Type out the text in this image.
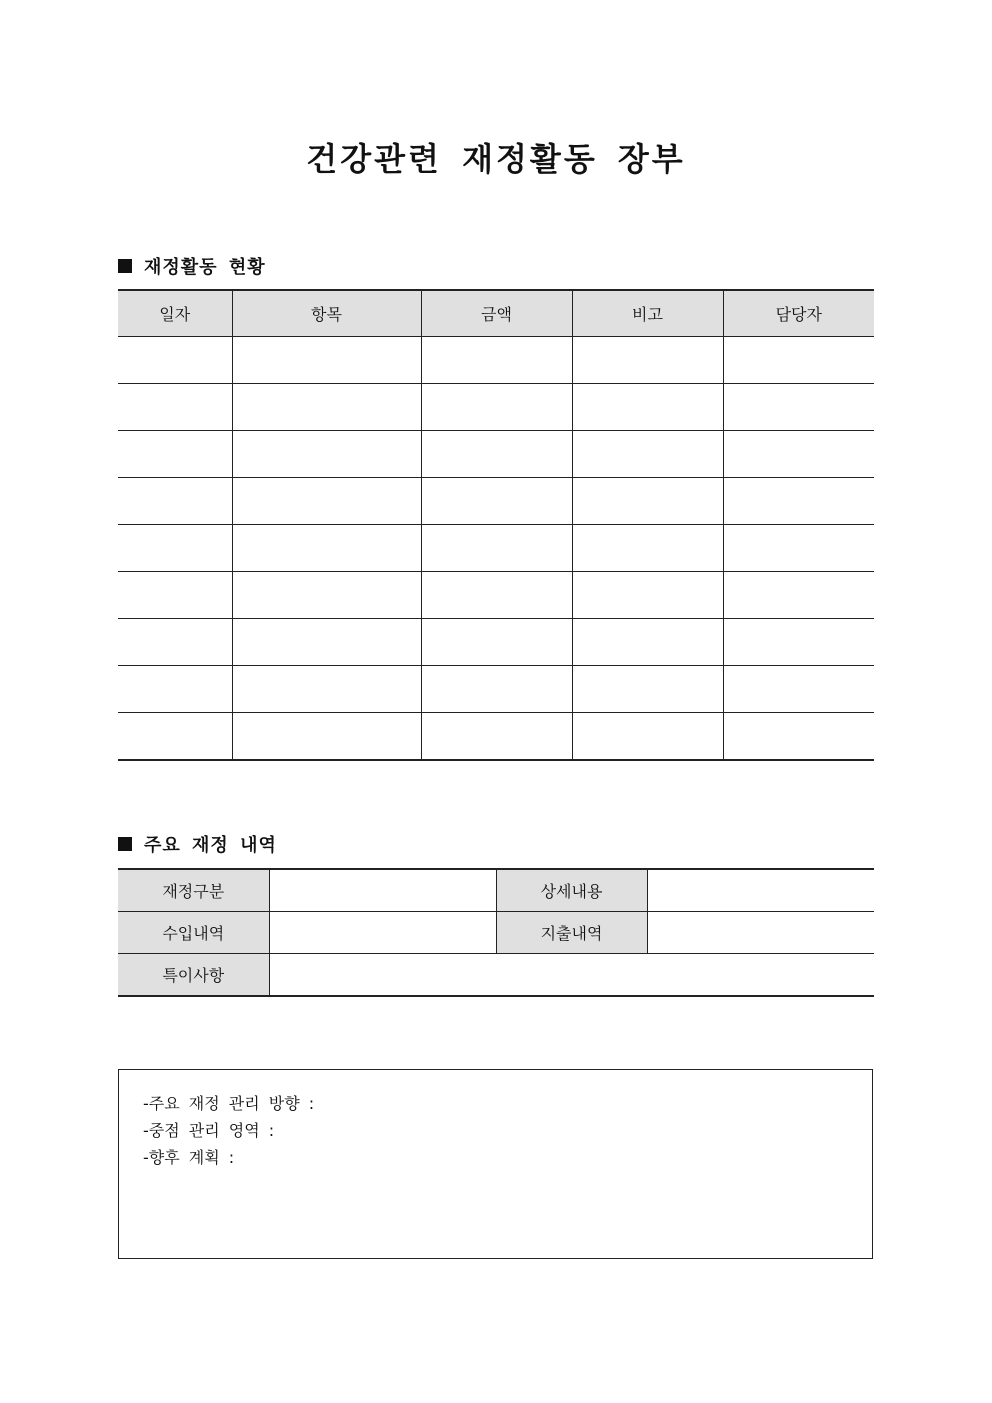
건강관련 재정활동 장부
재정활동 현황
일자	항목	금액	비고	담당자

주요 재정 내역
재정구분		상세내용	
수입내역		지출내역	
특이사항			
-주요 재정 관리 방향 :
-중점 관리 영역 :
-향후 계획 :
